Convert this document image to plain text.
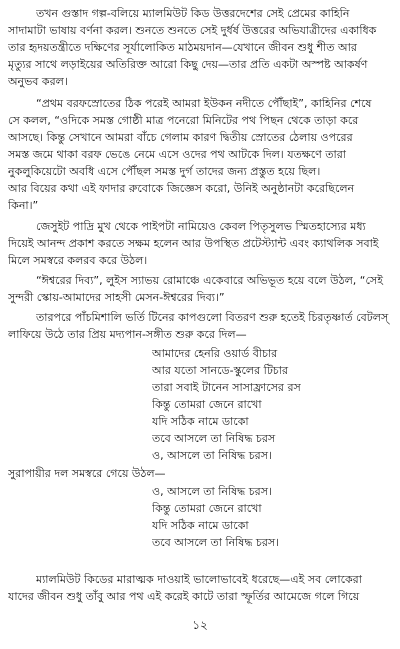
তখন গুস্তাদ গল্প-বলিয়ে ম্যালমিউট কিড উত্তরদেশের সেই প্রেমের কাহিনি
সাদামাটা ভাষায় বর্ণনা করল। শুনতে শুনতে সেই দুর্ধর্ষ উত্তরের অভিযাত্রীদের একাধিক
তার হৃদয়তন্ত্রীতে দক্ষিণের সূর্যালোকিত মাঠময়দান—যেখানে জীবন শুধু শীত আর
মৃত্যুর সাথে লড়াইয়ের অতিরিক্ত আরো কিছু দেয়—তার প্রতি একটা অস্পষ্ট আকর্ষণ
অনুভব করল।
“প্রথম বরফস্রোতের ঠিক পরেই আমরা ইউকন নদীতে পৌঁছাই”, কাহিনির শেষে
সে কলল, “ওদিকে সমস্ত গোষ্ঠী মাত্র পনেরো মিনিটের পথ পিছন থেকে তাড়া করে
আসছে। কিন্তু সেখানে আমরা বাঁচে গেলাম কারণ দ্বিতীয় স্রোতের ঠেলায় ওপরের
সমস্ত জমে থাকা বরফ ভেঙে নেমে এসে ওদের পথ আটকে দিল। যতক্ষণে তারা
নুকলুকিয়েটো অবধি এসে পৌঁছল সমস্ত দুর্গ তাদের জন্য প্রস্তুত হয়ে ছিল।
আর বিয়ের কথা এই ফাদার রুবোকে জিজ্ঞেস করো, উনিই অনুষ্ঠানটা করেছিলেন
কিনা।”
জেসুইট পাদ্রি মুখ থেকে পাইপটা নামিয়েও কেবল পিতৃসুলভ স্মিতহাস্যের মধ্য
দিয়েই আনন্দ প্রকাশ করতে সক্ষম হলেন আর উপস্থিত প্রটেস্ট্যান্ট এবং ক্যাথলিক সবাই
মিলে সমস্বরে কলরব করে উঠল।
“ঈশ্বরের দিব্য”, লুইস স্যাভয় রোমাঞ্চে একেবারে অভিভূত হয়ে বলে উঠল, “সেই
সুন্দরী স্কোয়-আমাদের সাহসী মেসন-ঈশ্বরের দিব্য।”
তারপরে পাঁচমিশালি ভর্তি টিনের কাপগুলো বিতরণ শুরু হতেই চিরতৃষ্ণার্ত বেটলস্
লাফিয়ে উঠে তার প্রিয় মদ্যপান-সঙ্গীত শুরু করে দিল—
আমাদের হেনরি ওয়ার্ড বীচার
আর যতো সানডে-স্কুলের টিচার
তারা সবাই টানেন সাসাফ্রাসের রস
কিন্তু তোমরা জেনে রাখো
যদি সঠিক নামে ডাকো
তবে আসলে তা নিষিদ্ধ চরস
ও, আসলে তা নিষিদ্ধ চরস।
সুরাপায়ীর দল সমস্বরে গেয়ে উঠল—
ও, আসলে তা নিষিদ্ধ চরস।
কিন্তু তোমরা জেনে রাখো
যদি সঠিক নামে ডাকো
তবে আসলে তা নিষিদ্ধ চরস।
ম্যালমিউট কিডের মারাত্মক দাওয়াই ভালোভাবেই ধরেছে—এই সব লোকেরা
যাদের জীবন শুধু তাঁবু আর পথ এই করেই কাটে তারা স্ফূর্তির আমেজে গলে গিয়ে
১২
